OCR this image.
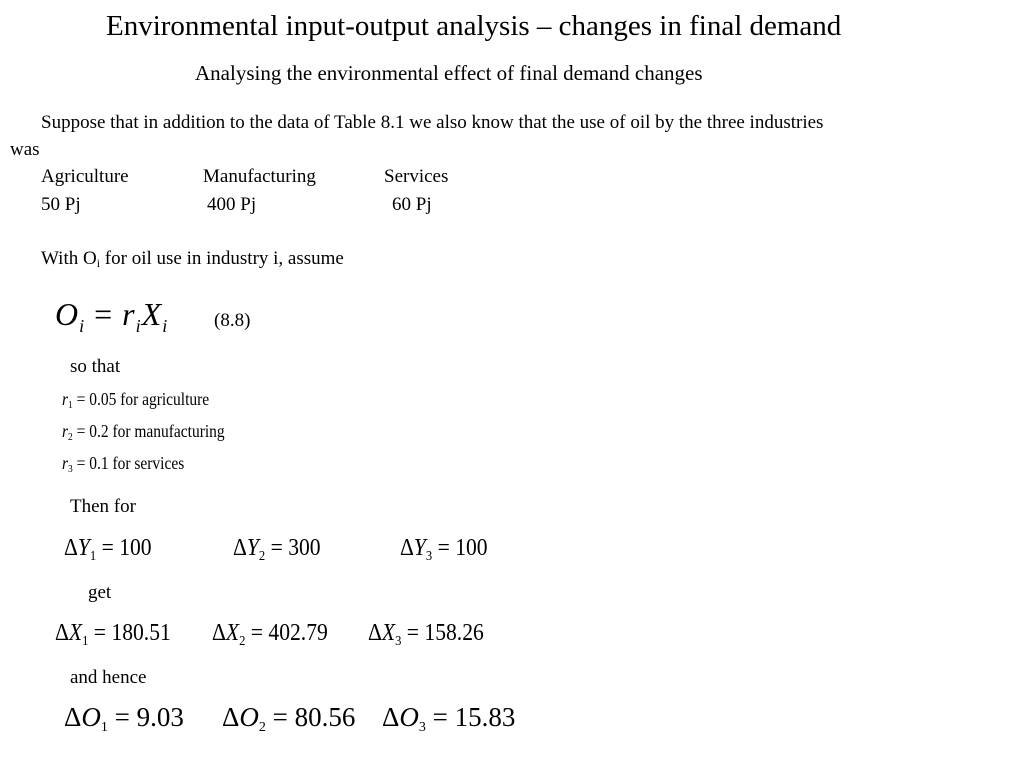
Environmental input-output analysis – changes in final demand
Analysing the environmental effect of final demand changes
Suppose that in addition to the data of Table 8.1 we also know that the use of oil by the three industries
was
Agriculture	Manufacturing	Services
50 Pj	400 Pj	60 Pj
With $O_i$ for oil use in industry i, assume
$O_i = r_iX_i$ (8.8)
so that
$r_1 = 0.05$ for agriculture
$r_2 = 0.2$ for manufacturing
$r_3 = 0.1$ for services
Then for
$\Delta Y_1 = 100$	$\Delta Y_2 = 300$	$\Delta Y_3 = 100$
get
$\Delta X_1 = 180.51$ $\Delta X_2 = 402.79$ $\Delta X_3 = 158.26$
and hence
$\Delta O_1 = 9.03$ $\Delta O_2 = 80.56$ $\Delta O_3 = 15.83$
